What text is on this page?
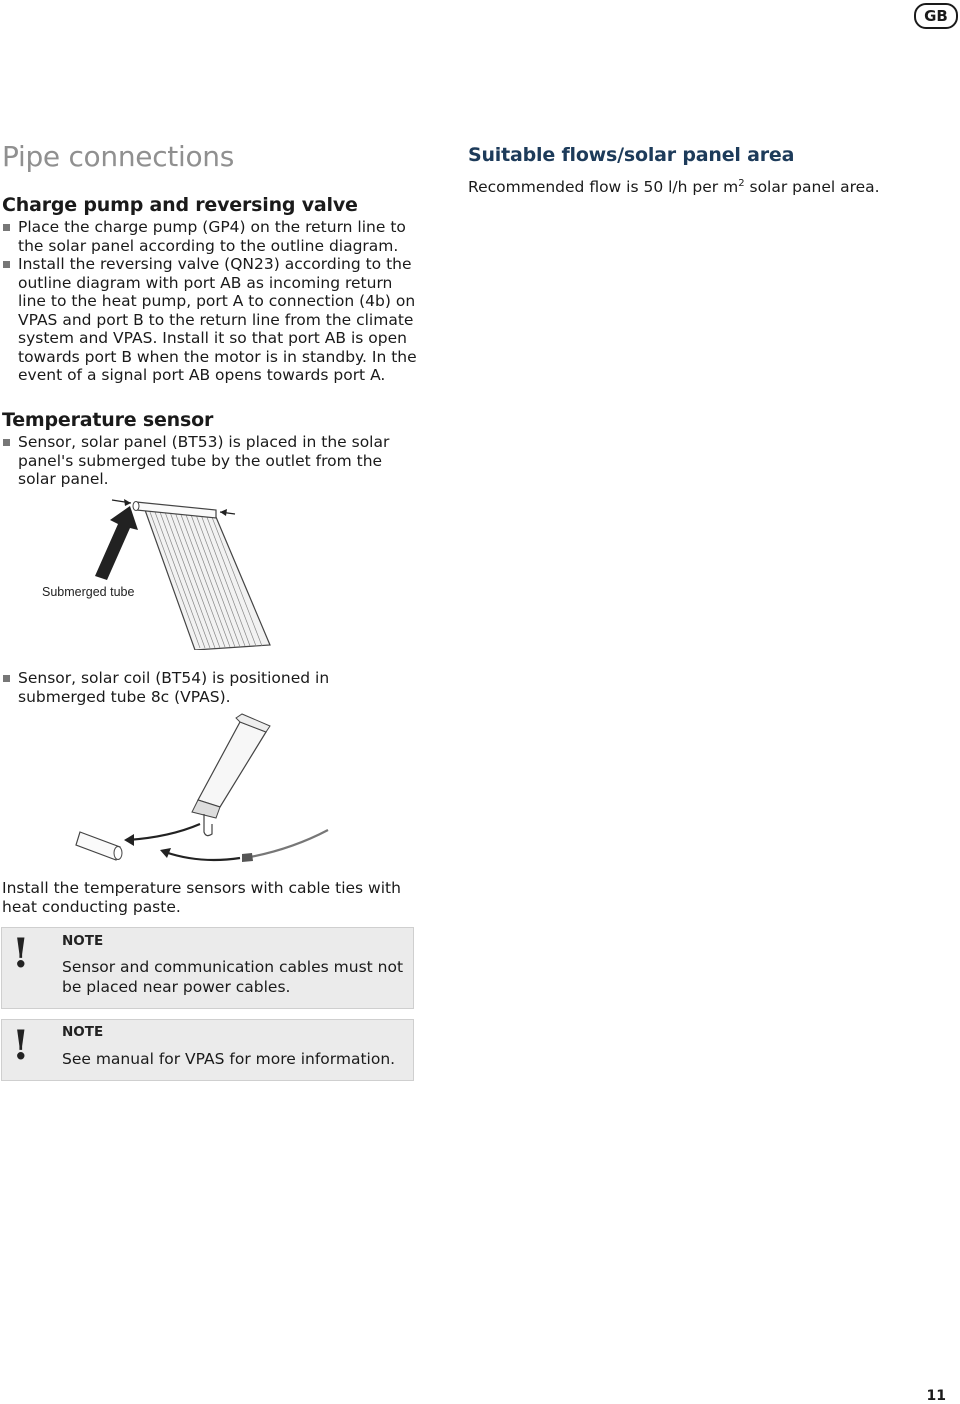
GB
Pipe connections
Charge pump and reversing valve
Place the charge pump (GP4) on the return line to the solar panel according to the outline diagram.
Install the reversing valve (QN23) according to the outline diagram with port AB as incoming return line to the heat pump, port A to connection (4b) on VPAS and port B to the return line from the climate system and VPAS. Install it so that port AB is open towards port B when the motor is in standby. In the event of a signal port AB opens towards port A.
Temperature sensor
Sensor, solar panel (BT53) is placed in the solar panel's submerged tube by the outlet from the solar panel.
Submerged tube
Sensor, solar coil (BT54) is positioned in submerged tube 8c (VPAS).
Install the temperature sensors with cable ties with heat conducting paste.
! NOTE
Sensor and communication cables must not be placed near power cables.
! NOTE
See manual for VPAS for more information.
Suitable flows/solar panel area
Recommended flow is 50 l/h per $m^2$ solar panel area.
11
